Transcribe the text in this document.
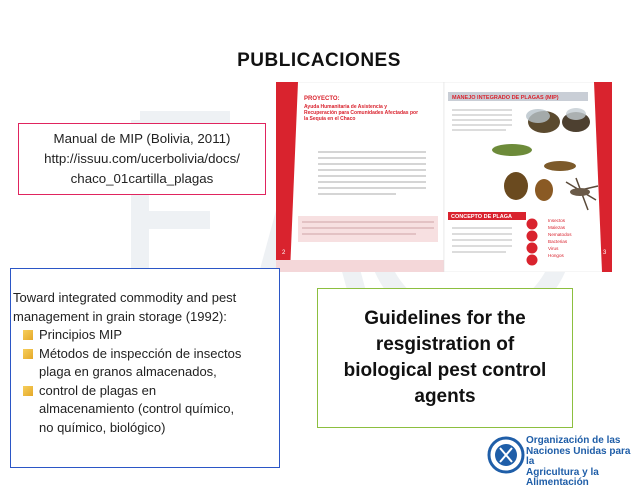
PUBLICACIONES
Manual de MIP (Bolivia, 2011)
http://issuu.com/ucerbolivia/docs/
chaco_01cartilla_plagas
PROYECTO:
Ayuda Humanitaria de Asistencia y
Recuperación para Comunidades Afectadas por
la Sequía en el Chaco
2
MANEJO INTEGRADO DE PLAGAS (MIP)
CONCEPTO DE PLAGA
Insectos
Malezas
Nematodos
Bacterias
Virus
Hongos	3
Toward integrated commodity and pest
management in grain storage (1992):
Principios MIP
Métodos de inspección de insectos
plaga en granos almacenados,
control de plagas en
almacenamiento (control químico,
no químico, biológico)
Guidelines for the
resgistration of
biological pest control
agents
Organización de las
Naciones Unidas para la
Agricultura y la Alimentación
